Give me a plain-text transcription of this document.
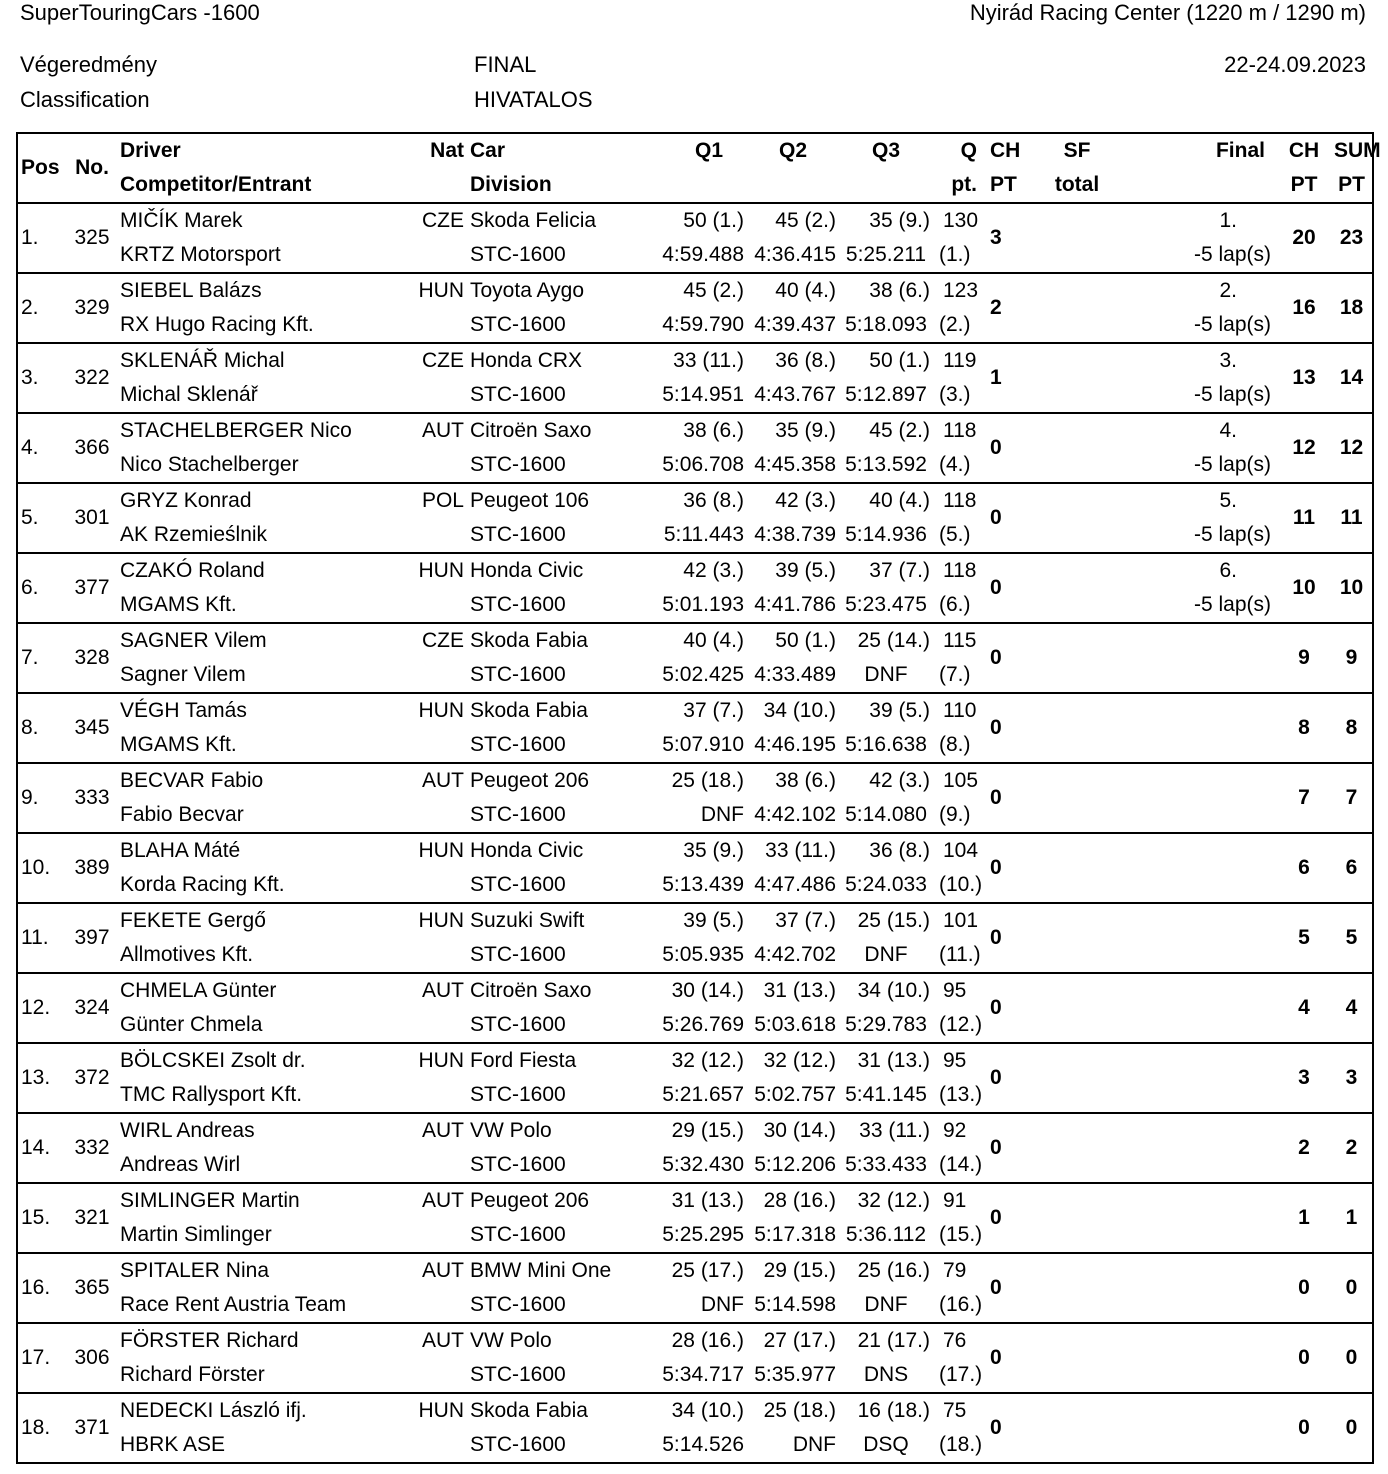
SuperTouringCars -1600	Nyirád Racing Center (1220 m / 1290 m)
Végeredmény
Classification
FINAL
HIVATALOS
22-24.09.2023
Pos	No.	Driver	Nat	Car	Q1	Q2	Q3	Q	CH	SF	Final	CH	SUM
		Competitor/Entrant		Division				pt.	PT	total		PT	PT
1.	325	MIČÍK Marek	CZE	Skoda Felicia	50 (1.)	45 (2.)	35 (9.)	130	3		1.	20	23
		KRTZ Motorsport		STC-1600	4:59.488	4:36.415	5:25.211	(1.)			-5 lap(s)		
2.	329	SIEBEL Balázs	HUN	Toyota Aygo	45 (2.)	40 (4.)	38 (6.)	123	2		2.	16	18
		RX Hugo Racing Kft.		STC-1600	4:59.790	4:39.437	5:18.093	(2.)			-5 lap(s)		
3.	322	SKLENÁŘ Michal	CZE	Honda CRX	33 (11.)	36 (8.)	50 (1.)	119	1		3.	13	14
		Michal Sklenář		STC-1600	5:14.951	4:43.767	5:12.897	(3.)			-5 lap(s)		
4.	366	STACHELBERGER Nico	AUT	Citroën Saxo	38 (6.)	35 (9.)	45 (2.)	118	0		4.	12	12
		Nico Stachelberger		STC-1600	5:06.708	4:45.358	5:13.592	(4.)			-5 lap(s)		
5.	301	GRYZ Konrad	POL	Peugeot 106	36 (8.)	42 (3.)	40 (4.)	118	0		5.	11	11
		AK Rzemieślnik		STC-1600	5:11.443	4:38.739	5:14.936	(5.)			-5 lap(s)		
6.	377	CZAKÓ Roland	HUN	Honda Civic	42 (3.)	39 (5.)	37 (7.)	118	0		6.	10	10
		MGAMS Kft.		STC-1600	5:01.193	4:41.786	5:23.475	(6.)			-5 lap(s)		
7.	328	SAGNER Vilem	CZE	Skoda Fabia	40 (4.)	50 (1.)	25 (14.)	115	0			9	9
		Sagner Vilem		STC-1600	5:02.425	4:33.489	DNF	(7.)					
8.	345	VÉGH Tamás	HUN	Skoda Fabia	37 (7.)	34 (10.)	39 (5.)	110	0			8	8
		MGAMS Kft.		STC-1600	5:07.910	4:46.195	5:16.638	(8.)					
9.	333	BECVAR Fabio	AUT	Peugeot 206	25 (18.)	38 (6.)	42 (3.)	105	0			7	7
		Fabio Becvar		STC-1600	DNF	4:42.102	5:14.080	(9.)					
10.	389	BLAHA Máté	HUN	Honda Civic	35 (9.)	33 (11.)	36 (8.)	104	0			6	6
		Korda Racing Kft.		STC-1600	5:13.439	4:47.486	5:24.033	(10.)					
11.	397	FEKETE Gergő	HUN	Suzuki Swift	39 (5.)	37 (7.)	25 (15.)	101	0			5	5
		Allmotives Kft.		STC-1600	5:05.935	4:42.702	DNF	(11.)					
12.	324	CHMELA Günter	AUT	Citroën Saxo	30 (14.)	31 (13.)	34 (10.)	95	0			4	4
		Günter Chmela		STC-1600	5:26.769	5:03.618	5:29.783	(12.)					
13.	372	BÖLCSKEI Zsolt dr.	HUN	Ford Fiesta	32 (12.)	32 (12.)	31 (13.)	95	0			3	3
		TMC Rallysport Kft.		STC-1600	5:21.657	5:02.757	5:41.145	(13.)					
14.	332	WIRL Andreas	AUT	VW Polo	29 (15.)	30 (14.)	33 (11.)	92	0			2	2
		Andreas Wirl		STC-1600	5:32.430	5:12.206	5:33.433	(14.)					
15.	321	SIMLINGER Martin	AUT	Peugeot 206	31 (13.)	28 (16.)	32 (12.)	91	0			1	1
		Martin Simlinger		STC-1600	5:25.295	5:17.318	5:36.112	(15.)					
16.	365	SPITALER Nina	AUT	BMW Mini One	25 (17.)	29 (15.)	25 (16.)	79	0			0	0
		Race Rent Austria Team		STC-1600	DNF	5:14.598	DNF	(16.)					
17.	306	FÖRSTER Richard	AUT	VW Polo	28 (16.)	27 (17.)	21 (17.)	76	0			0	0
		Richard Förster		STC-1600	5:34.717	5:35.977	DNS	(17.)					
18.	371	NEDECKI László ifj.	HUN	Skoda Fabia	34 (10.)	25 (18.)	16 (18.)	75	0			0	0
		HBRK ASE		STC-1600	5:14.526	DNF	DSQ	(18.)					
